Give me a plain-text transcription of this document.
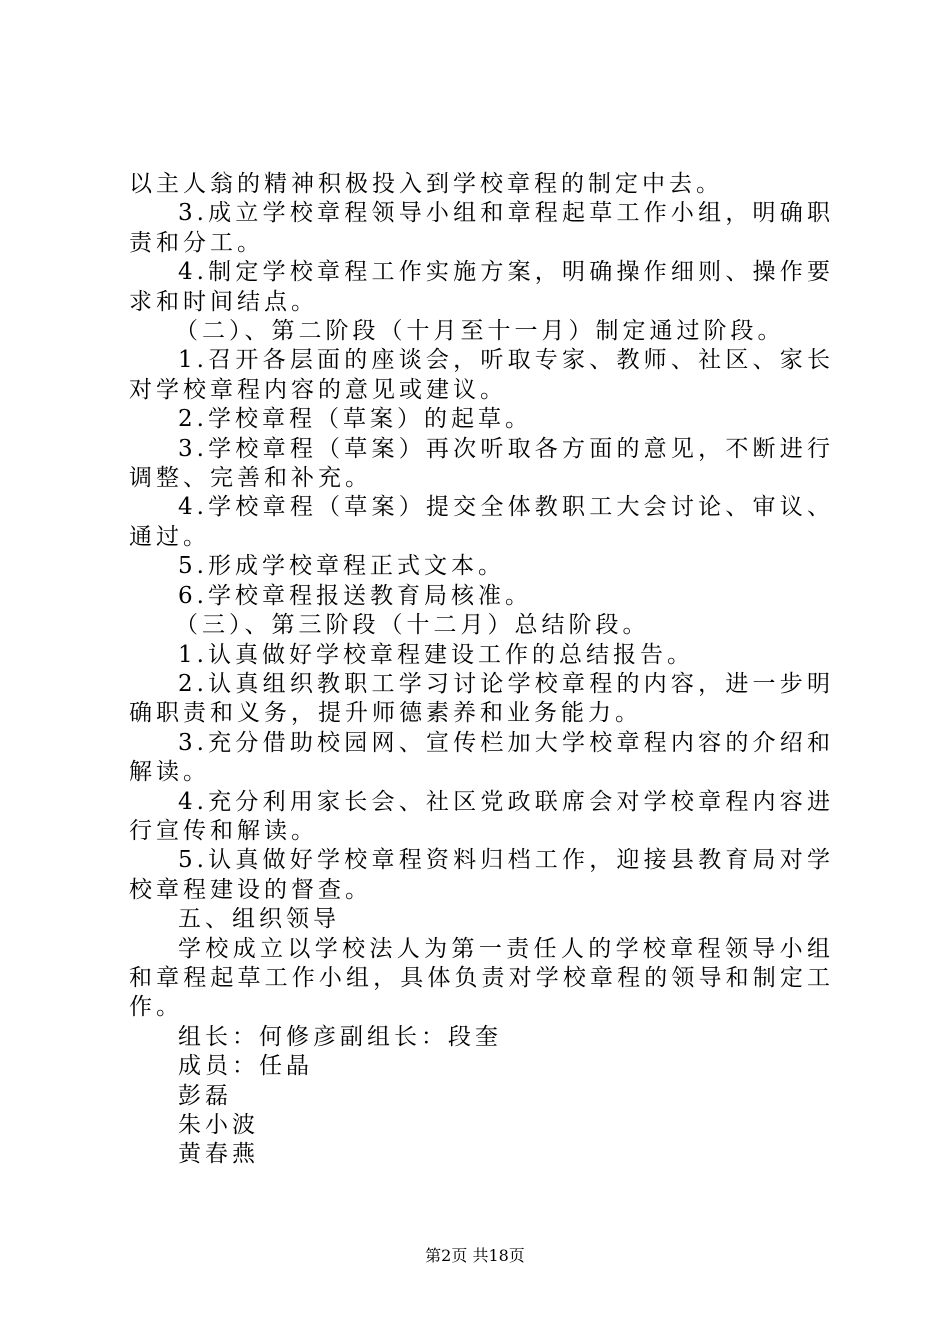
以主人翁的精神积极投入到学校章程的制定中去。

3.成立学校章程领导小组和章程起草工作小组，明确职责和分工。

4.制定学校章程工作实施方案，明确操作细则、操作要求和时间结点。

（二）、第二阶段（十月至十一月）制定通过阶段。

1.召开各层面的座谈会，听取专家、教师、社区、家长对学校章程内容的意见或建议。

2.学校章程（草案）的起草。

3.学校章程（草案）再次听取各方面的意见，不断进行调整、完善和补充。

4.学校章程（草案）提交全体教职工大会讨论、审议、通过。

5.形成学校章程正式文本。

6.学校章程报送教育局核准。

（三）、第三阶段（十二月）总结阶段。

1.认真做好学校章程建设工作的总结报告。

2.认真组织教职工学习讨论学校章程的内容，进一步明确职责和义务，提升师德素养和业务能力。

3.充分借助校园网、宣传栏加大学校章程内容的介绍和解读。

4.充分利用家长会、社区党政联席会对学校章程内容进行宣传和解读。

5.认真做好学校章程资料归档工作，迎接县教育局对学校章程建设的督查。

五、组织领导

学校成立以学校法人为第一责任人的学校章程领导小组和章程起草工作小组，具体负责对学校章程的领导和制定工作。

组长：何修彦副组长：段奎

成员：任晶

彭磊

朱小波

黄春燕

第2页 共18页
